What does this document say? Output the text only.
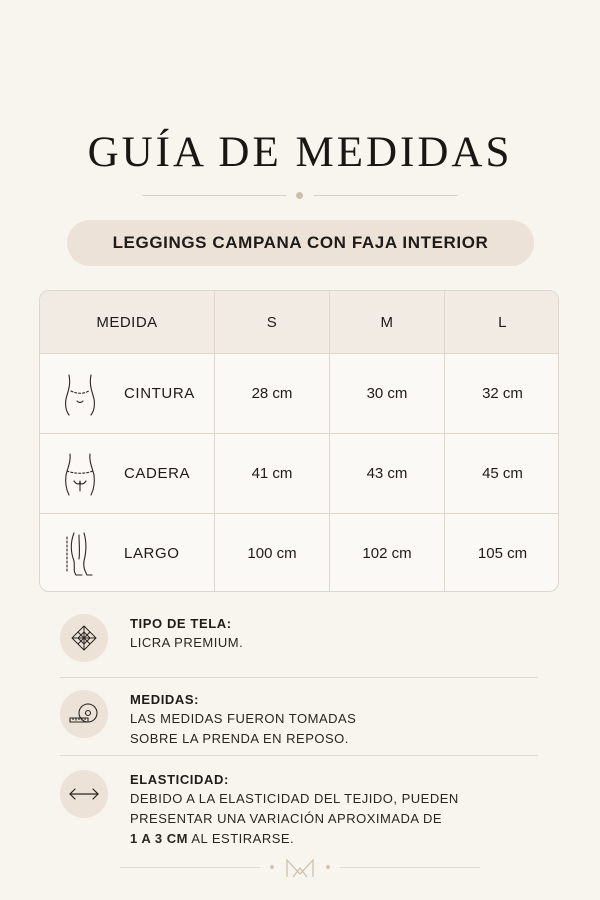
GUÍA DE MEDIDAS
LEGGINGS CAMPANA CON FAJA INTERIOR
MEDIDA	S	M	L
CINTURA	28 cm	30 cm	32 cm
CADERA	41 cm	43 cm	45 cm
LARGO	100 cm	102 cm	105 cm
TIPO DE TELA:
LICRA PREMIUM.
MEDIDAS:
LAS MEDIDAS FUERON TOMADAS
SOBRE LA PRENDA EN REPOSO.
ELASTICIDAD:
DEBIDO A LA ELASTICIDAD DEL TEJIDO, PUEDEN
PRESENTAR UNA VARIACIÓN APROXIMADA DE
1 A 3 CM AL ESTIRARSE.
